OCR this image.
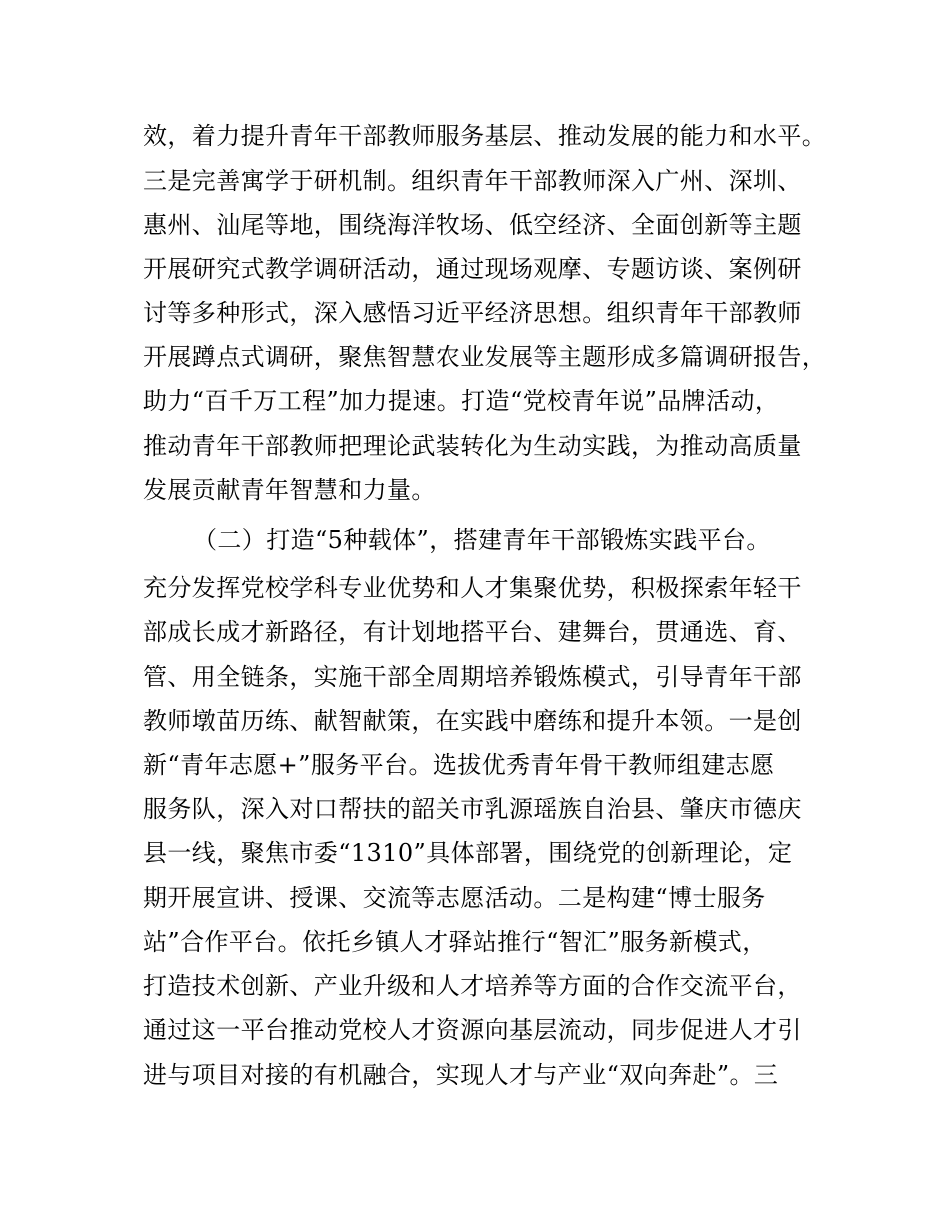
效，着力提升青年干部教师服务基层、推动发展的能力和水平。
三是完善寓学于研机制。组织青年干部教师深入广州、深圳、
惠州、汕尾等地，围绕海洋牧场、低空经济、全面创新等主题
开展研究式教学调研活动，通过现场观摩、专题访谈、案例研
讨等多种形式，深入感悟习近平经济思想。组织青年干部教师
开展蹲点式调研，聚焦智慧农业发展等主题形成多篇调研报告，
助力“百千万工程”加力提速。打造“党校青年说”品牌活动，
推动青年干部教师把理论武装转化为生动实践，为推动高质量
发展贡献青年智慧和力量。
（二）打造“5种载体”，搭建青年干部锻炼实践平台。
充分发挥党校学科专业优势和人才集聚优势，积极探索年轻干
部成长成才新路径，有计划地搭平台、建舞台，贯通选、育、
管、用全链条，实施干部全周期培养锻炼模式，引导青年干部
教师墩苗历练、献智献策，在实践中磨练和提升本领。一是创
新“青年志愿+”服务平台。选拔优秀青年骨干教师组建志愿
服务队，深入对口帮扶的韶关市乳源瑶族自治县、肇庆市德庆
县一线，聚焦市委“1310”具体部署，围绕党的创新理论，定
期开展宣讲、授课、交流等志愿活动。二是构建“博士服务
站”合作平台。依托乡镇人才驿站推行“智汇”服务新模式，
打造技术创新、产业升级和人才培养等方面的合作交流平台，
通过这一平台推动党校人才资源向基层流动，同步促进人才引
进与项目对接的有机融合，实现人才与产业“双向奔赴”。三
